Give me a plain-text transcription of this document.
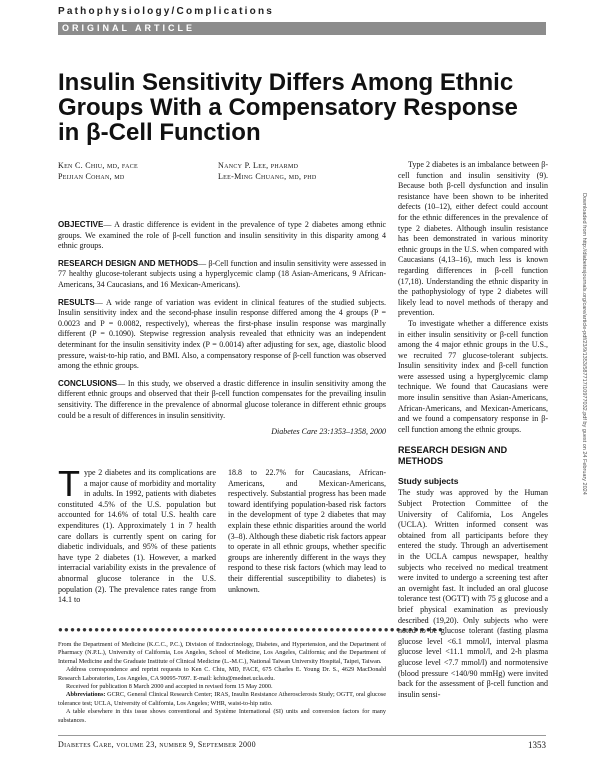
Pathophysiology/Complications
ORIGINAL ARTICLE
Insulin Sensitivity Differs Among Ethnic Groups With a Compensatory Response in β-Cell Function
Ken C. Chiu, md, face
Peijian Cohan, md
Nancy P. Lee, pharmd
Lee-Ming Chuang, md, phd
OBJECTIVE— A drastic difference is evident in the prevalence of type 2 diabetes among ethnic groups. We examined the role of β-cell function and insulin sensitivity in this disparity among 4 ethnic groups.
RESEARCH DESIGN AND METHODS— β-Cell function and insulin sensitivity were assessed in 77 healthy glucose-tolerant subjects using a hyperglycemic clamp (18 Asian-Americans, 9 African-Americans, 34 Caucasians, and 16 Mexican-Americans).
RESULTS— A wide range of variation was evident in clinical features of the studied subjects. Insulin sensitivity index and the second-phase insulin response differed among the 4 groups (P = 0.0023 and P = 0.0082, respectively), whereas the first-phase insulin response was marginally different (P = 0.1090). Stepwise regression analysis revealed that ethnicity was an independent determinant for the insulin sensitivity index (P = 0.0014) after adjusting for sex, age, diastolic blood pressure, waist-to-hip ratio, and BMI. Also, a compensatory response of β-cell function was observed among the ethnic groups.
CONCLUSIONS— In this study, we observed a drastic difference in insulin sensitivity among the different ethnic groups and observed that their β-cell function compensates for the prevailing insulin sensitivity. The difference in the prevalence of abnormal glucose tolerance in different ethnic groups could be a result of differences in insulin sensitivity.
Diabetes Care 23:1353–1358, 2000
Type 2 diabetes and its complications are a major cause of morbidity and mortality in adults. In 1992, patients with diabetes constituted 4.5% of the U.S. population but accounted for 14.6% of total U.S. health care expenditures (1). Approximately 1 in 7 health care dollars is currently spent on caring for diabetic individuals, and 95% of these patients have type 2 diabetes (1). However, a marked interracial variability exists in the prevalence of abnormal glucose tolerance in the U.S. population (2). The prevalence rates range from 14.1 to
18.8 to 22.7% for Caucasians, African-Americans, and Mexican-Americans, respectively. Substantial progress has been made toward identifying population-based risk factors in the development of type 2 diabetes that may explain these ethnic disparities around the world (3–8). Although these diabetic risk factors appear to operate in all ethnic groups, whether specific groups are inherently different in the ways they respond to these risk factors (which may lead to their differential susceptibility to diabetes) is unknown.
Type 2 diabetes is an imbalance between β-cell function and insulin sensitivity (9). Because both β-cell dysfunction and insulin resistance have been shown to be inherited defects (10–12), either defect could account for the ethnic differences in the prevalence of type 2 diabetes. Although insulin resistance has been demonstrated in various minority ethnic groups in the U.S. when compared with Caucasians (4,13–16), much less is known regarding differences in β-cell function (17,18). Understanding the ethnic disparity in the pathophysiology of type 2 diabetes will likely lead to novel methods of therapy and prevention.
To investigate whether a difference exists in either insulin sensitivity or β-cell function among the 4 major ethnic groups in the U.S., we recruited 77 glucose-tolerant subjects. Insulin sensitivity index and β-cell function were assessed using a hyperglycemic clamp technique. We found that Caucasians were more insulin sensitive than Asian-Americans, African-Americans, and Mexican-Americans, and we found a compensatory response in β-cell function among the ethnic groups.
RESEARCH DESIGN AND METHODS
Study subjects
The study was approved by the Human Subject Protection Committee of the University of California, Los Angeles (UCLA). Written informed consent was obtained from all participants before they entered the study. Through an advertisement in the UCLA campus newspaper, healthy subjects who received no medical treatment were invited to undergo a screening test after an overnight fast. It included an oral glucose tolerance test (OGTT) with 75 g glucose and a brief physical examination as previously described (19,20). Only subjects who were noted to be glucose tolerant (fasting plasma glucose level <6.1 mmol/l, interval plasma glucose level <11.1 mmol/l, and 2-h plasma glucose level <7.7 mmol/l) and normotensive (blood pressure <140/90 mmHg) were invited back for the assessment of β-cell function and insulin sensi-
●●●●●●●●●●●●●●●●●●●●●●●●●●●●●●●●●●●●●●●●●●●●●●●●●●●●●●●●●●●●●●●●
From the Department of Medicine (K.C.C., P.C.), Division of Endocrinology, Diabetes, and Hypertension, and the Department of Pharmacy (N.P.L.), University of California, Los Angeles, School of Medicine, Los Angeles, California; and the Department of Internal Medicine and the Graduate Institute of Clinical Medicine (L.-M.C.), National Taiwan University Hospital, Taipei, Taiwan.
Address correspondence and reprint requests to Ken C. Chiu, MD, FACE, 675 Charles E. Young Dr. S., 4629 MacDonald Research Laboratories, Los Angeles, CA 90095-7097. E-mail: kchiu@mednet.ucla.edu.
Received for publication 8 March 2000 and accepted in revised form 15 May 2000.
Abbreviations: GCRC, General Clinical Research Center; IRAS, Insulin Resistance Atherosclerosis Study; OGTT, oral glucose tolerance test; UCLA, University of California, Los Angeles; WHR, waist-to-hip ratio.
A table elsewhere in this issue shows conventional and Système International (SI) units and conversion factors for many substances.
Diabetes Care, volume 23, number 9, September 2000	1353
Downloaded from http://diabetesjournals.org/care/article-pdf/23/9/1353/587717/10977032.pdf by guest on 24 February 2024
